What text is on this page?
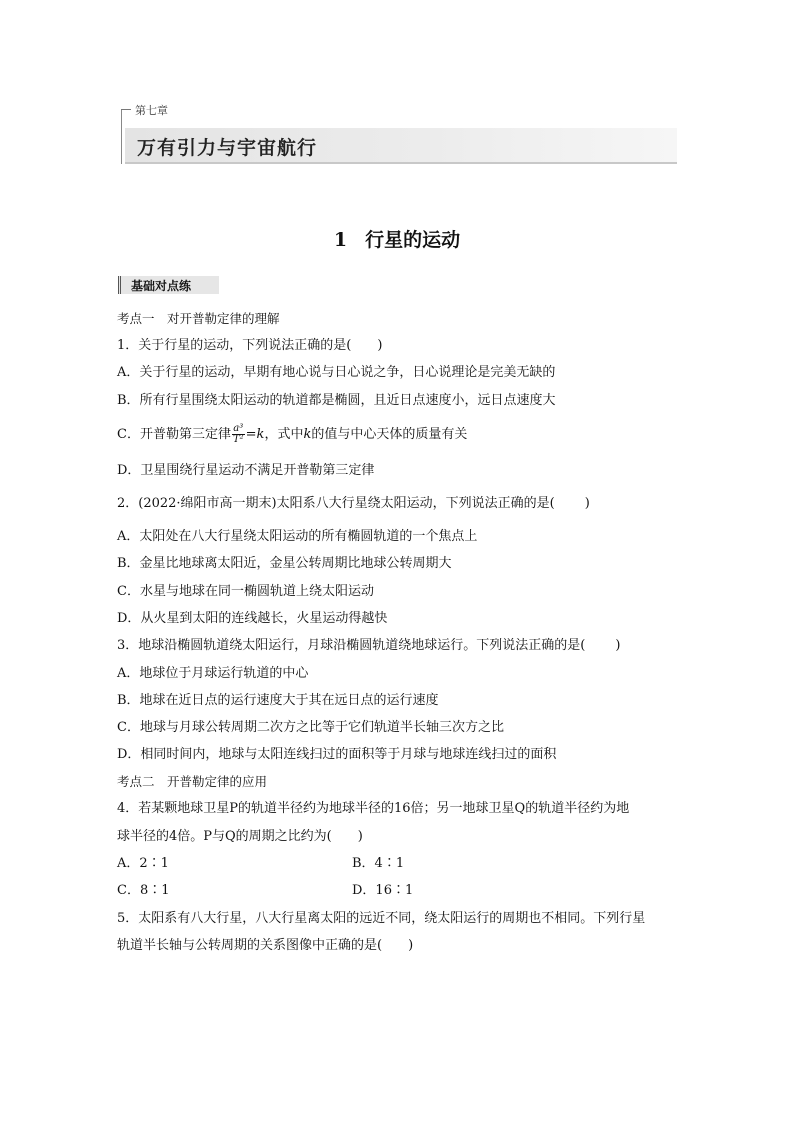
第七章
万有引力与宇宙航行
1 行星的运动
基础对点练
考点一　对开普勒定律的理解
1．关于行星的运动，下列说法正确的是( )
A．关于行星的运动，早期有地心说与日心说之争，日心说理论是完美无缺的
B．所有行星围绕太阳运动的轨道都是椭圆，且近日点速度小，远日点速度大
C．开普勒第三定律 $\frac{\text{a³}}{\text{T²}} =k$，式中k的值与中心天体的质量有关
D．卫星围绕行星运动不满足开普勒第三定律
2．(2022·绵阳市高一期末)太阳系八大行星绕太阳运动，下列说法正确的是( )
A．太阳处在八大行星绕太阳运动的所有椭圆轨道的一个焦点上
B．金星比地球离太阳近，金星公转周期比地球公转周期大
C．水星与地球在同一椭圆轨道上绕太阳运动
D．从火星到太阳的连线越长，火星运动得越快
3．地球沿椭圆轨道绕太阳运行，月球沿椭圆轨道绕地球运行。下列说法正确的是( )
A．地球位于月球运行轨道的中心
B．地球在近日点的运行速度大于其在远日点的运行速度
C．地球与月球公转周期二次方之比等于它们轨道半长轴三次方之比
D．相同时间内，地球与太阳连线扫过的面积等于月球与地球连线扫过的面积
考点二　开普勒定律的应用
4．若某颗地球卫星P的轨道半径约为地球半径的16倍；另一地球卫星Q的轨道半径约为地
球半径的4倍。P与Q的周期之比约为( )
A．2∶1	B．4∶1
C．8∶1	D．16∶1
5．太阳系有八大行星，八大行星离太阳的远近不同，绕太阳运行的周期也不相同。下列行星
轨道半长轴与公转周期的关系图像中正确的是( )
